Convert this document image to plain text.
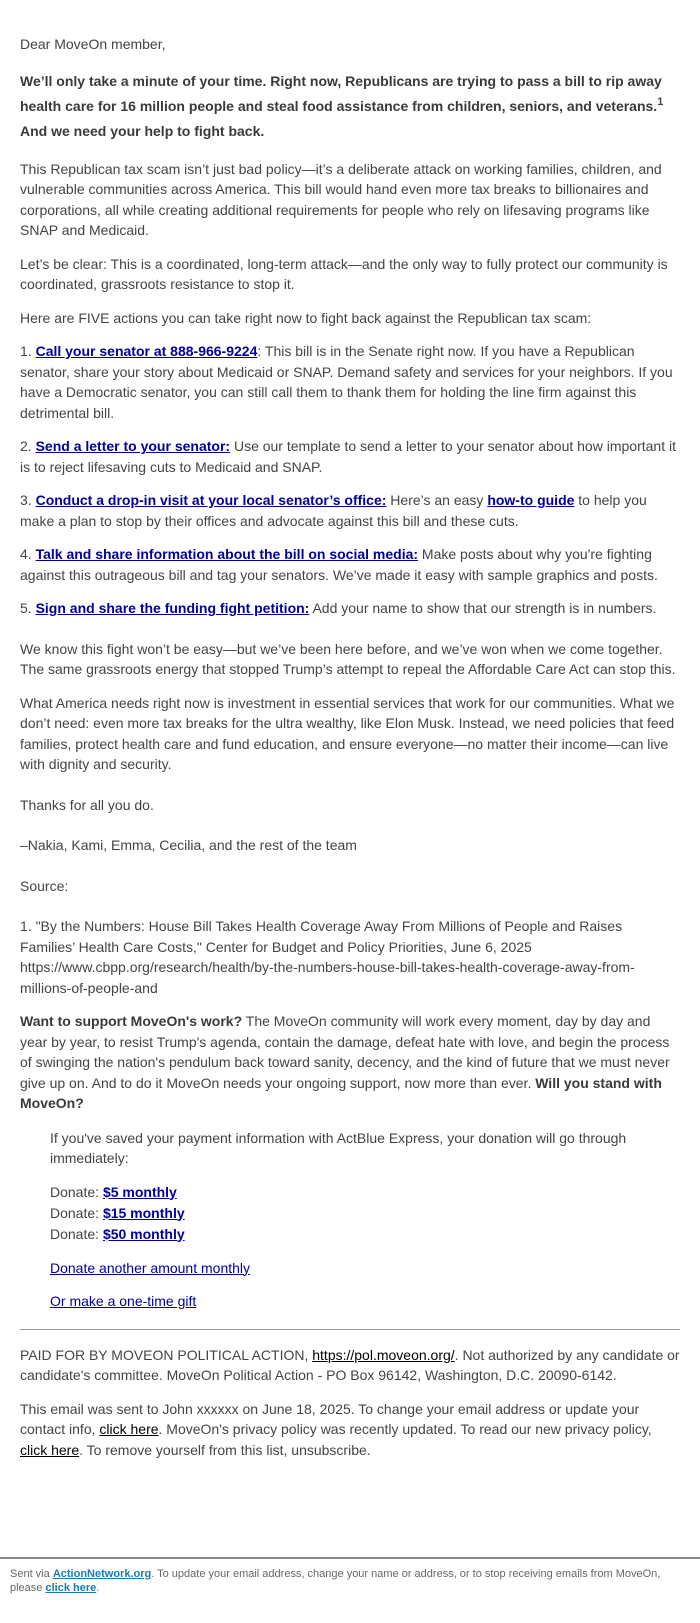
Dear MoveOn member,

We’ll only take a minute of your time. Right now, Republicans are trying to pass a bill to rip away health care for 16 million people and steal food assistance from children, seniors, and veterans.$^1$
And we need your help to fight back.

This Republican tax scam isn’t just bad policy—it’s a deliberate attack on working families, children, and vulnerable communities across America. This bill would hand even more tax breaks to billionaires and corporations, all while creating additional requirements for people who rely on lifesaving programs like SNAP and Medicaid.

Let’s be clear: This is a coordinated, long-term attack—and the only way to fully protect our community is coordinated, grassroots resistance to stop it.

Here are FIVE actions you can take right now to fight back against the Republican tax scam:

1. Call your senator at 888-966-9224: This bill is in the Senate right now. If you have a Republican senator, share your story about Medicaid or SNAP. Demand safety and services for your neighbors. If you have a Democratic senator, you can still call them to thank them for holding the line firm against this detrimental bill.

2. Send a letter to your senator: Use our template to send a letter to your senator about how important it is to reject lifesaving cuts to Medicaid and SNAP.

3. Conduct a drop-in visit at your local senator’s office: Here’s an easy how-to guide to help you make a plan to stop by their offices and advocate against this bill and these cuts.

4. Talk and share information about the bill on social media: Make posts about why you're fighting against this outrageous bill and tag your senators. We’ve made it easy with sample graphics and posts.

5. Sign and share the funding fight petition: Add your name to show that our strength is in numbers.

We know this fight won’t be easy—but we’ve been here before, and we’ve won when we come together. The same grassroots energy that stopped Trump’s attempt to repeal the Affordable Care Act can stop this.

What America needs right now is investment in essential services that work for our communities. What we don’t need: even more tax breaks for the ultra wealthy, like Elon Musk. Instead, we need policies that feed families, protect health care and fund education, and ensure everyone—no matter their income—can live with dignity and security.

Thanks for all you do.

–Nakia, Kami, Emma, Cecilia, and the rest of the team

Source:

1. "By the Numbers: House Bill Takes Health Coverage Away From Millions of People and Raises Families’ Health Care Costs," Center for Budget and Policy Priorities, June 6, 2025 https://www.cbpp.org/research/health/by-the-numbers-house-bill-takes-health-coverage-away-from-millions-of-people-and

Want to support MoveOn's work? The MoveOn community will work every moment, day by day and year by year, to resist Trump's agenda, contain the damage, defeat hate with love, and begin the process of swinging the nation's pendulum back toward sanity, decency, and the kind of future that we must never give up on. And to do it MoveOn needs your ongoing support, now more than ever. Will you stand with MoveOn?

If you've saved your payment information with ActBlue Express, your donation will go through immediately:

Donate: $5 monthly
Donate: $15 monthly
Donate: $50 monthly

Donate another amount monthly

Or make a one-time gift

PAID FOR BY MOVEON POLITICAL ACTION, https://pol.moveon.org/. Not authorized by any candidate or candidate's committee. MoveOn Political Action - PO Box 96142, Washington, D.C. 20090-6142.

This email was sent to John xxxxxx on June 18, 2025. To change your email address or update your contact info, click here. MoveOn's privacy policy was recently updated. To read our new privacy policy, click here. To remove yourself from this list, unsubscribe.

Sent via ActionNetwork.org. To update your email address, change your name or address, or to stop receiving emails from MoveOn, please click here.
